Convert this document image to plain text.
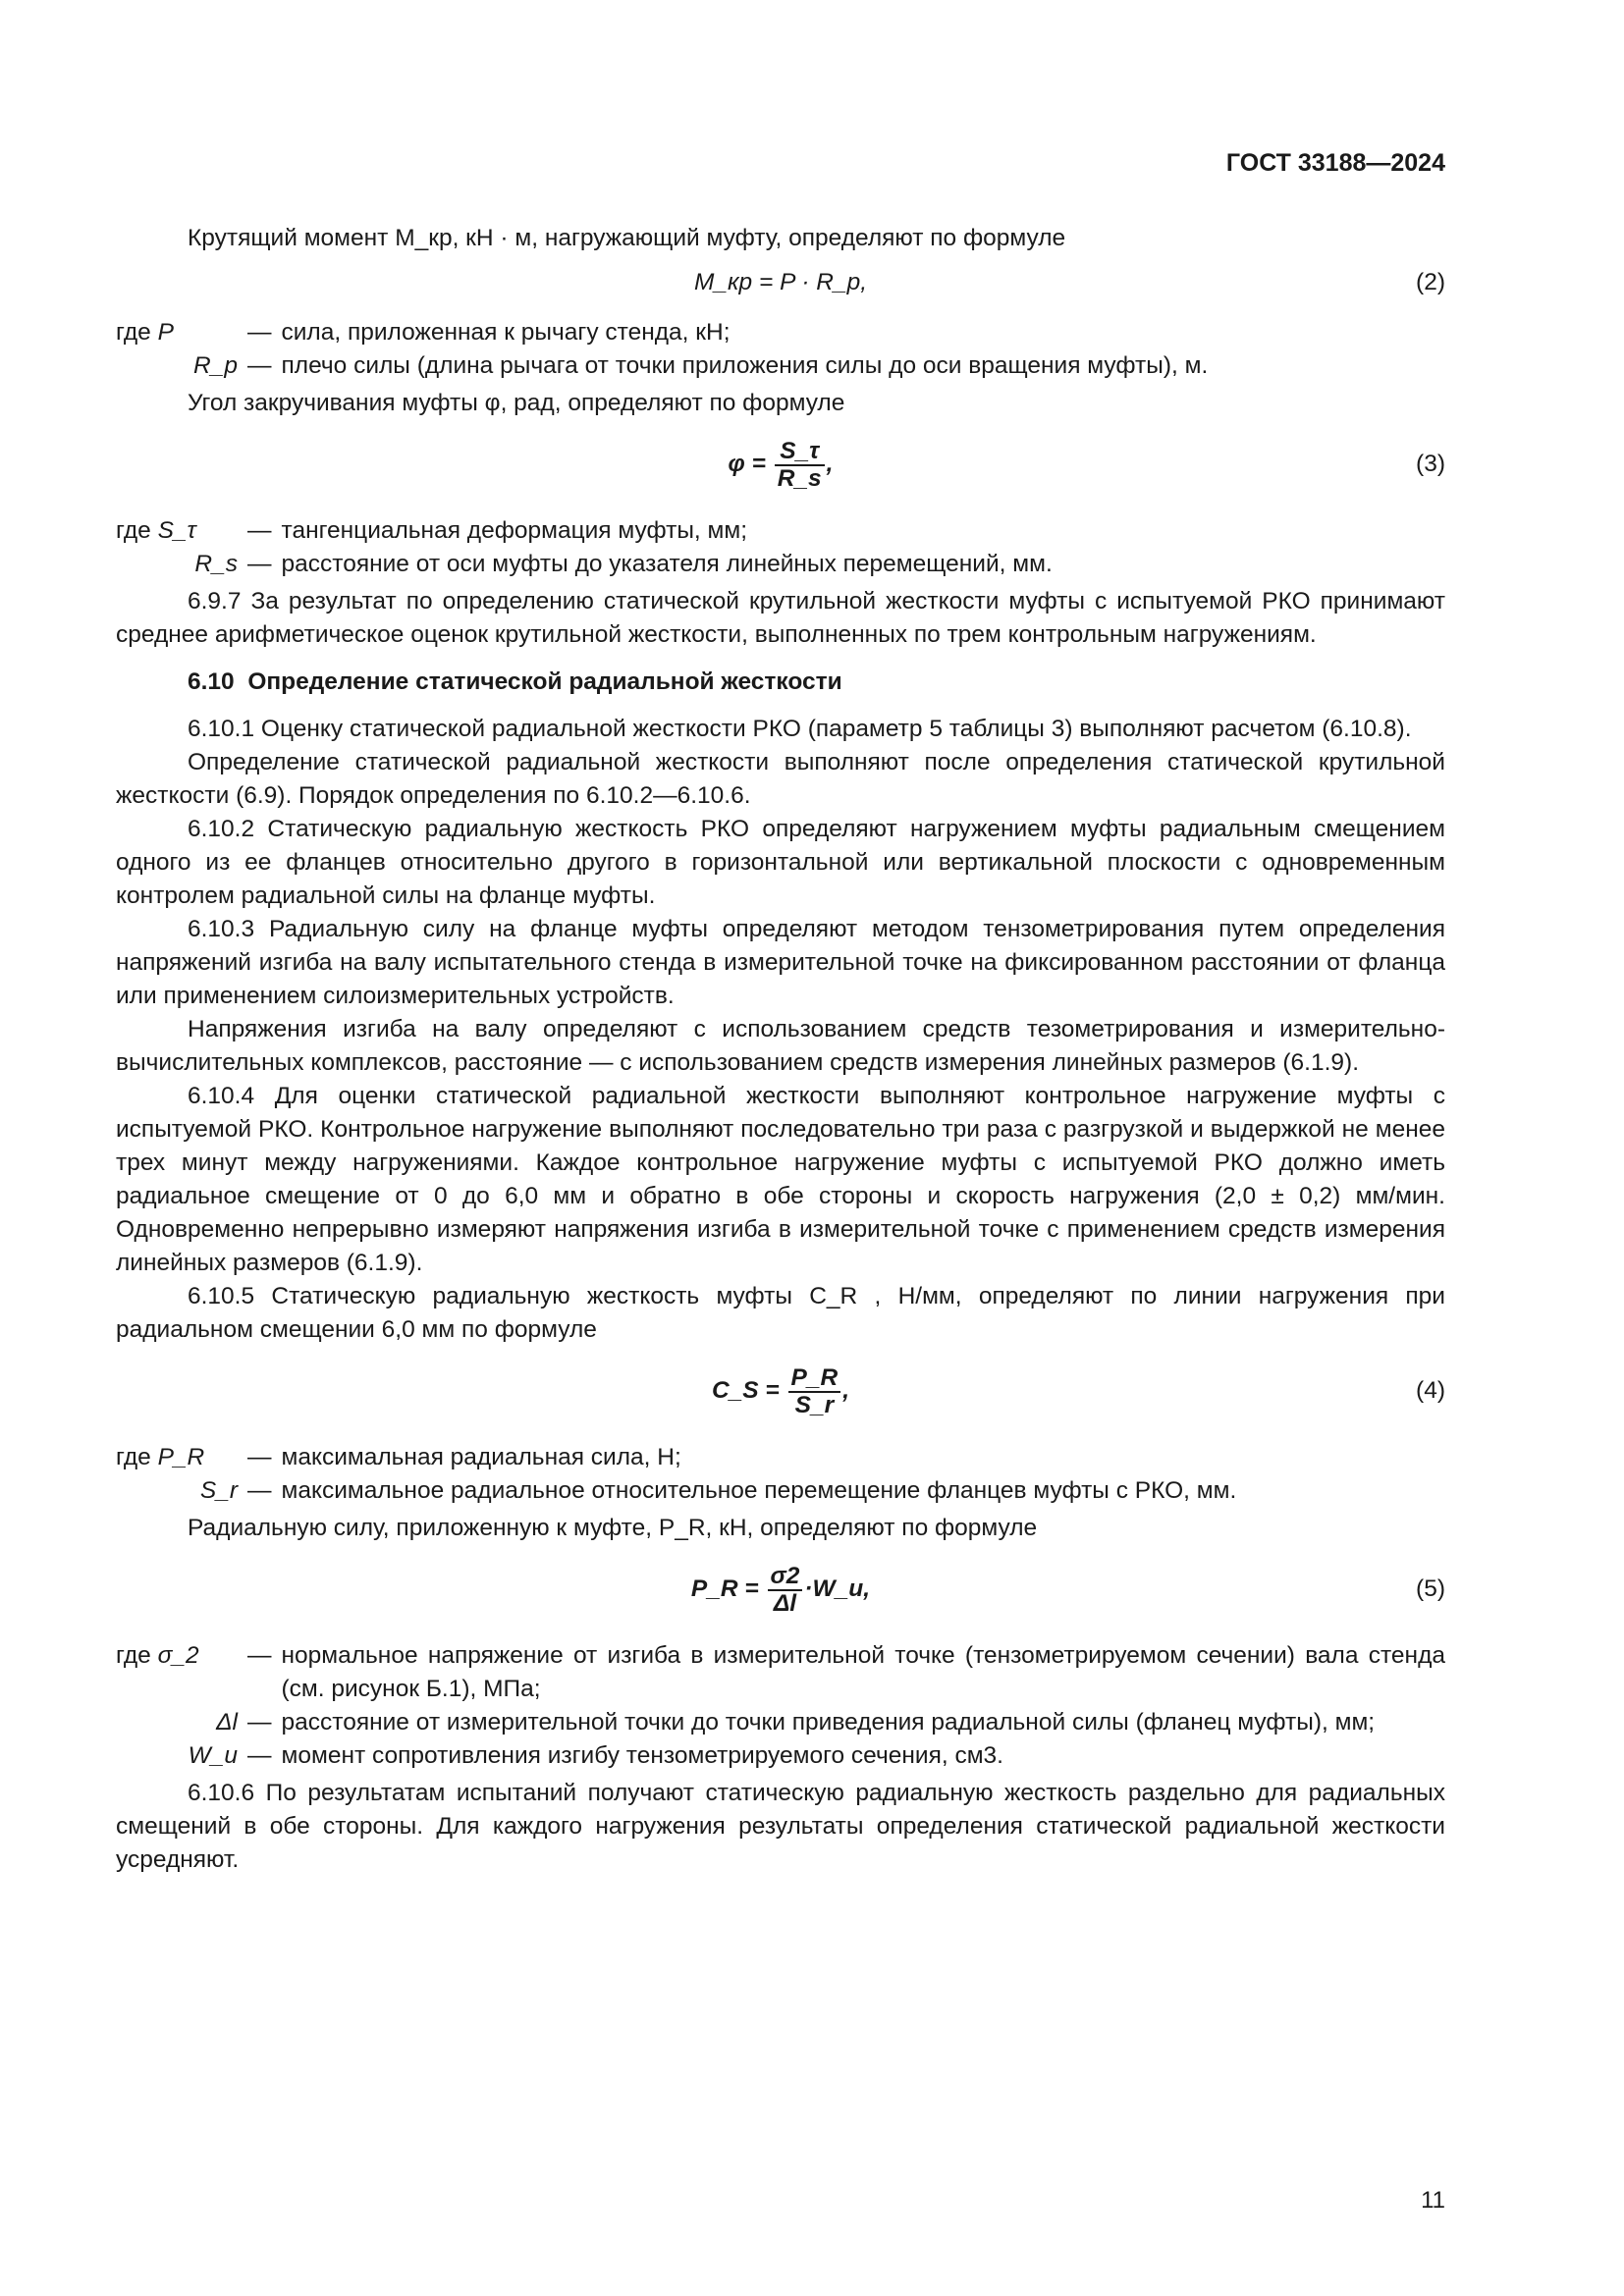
ГОСТ 33188—2024

Крутящий момент M_кр, кН · м, нагружающий муфту, определяют по формуле

M_кр = P · R_р,	(2)
где P	— сила, приложенная к рычагу стенда, кН;
R_р — плечо силы (длина рычага от точки приложения силы до оси вращения муфты), м.

Угол закручивания муфты φ, рад, определяют по формуле

$\varphi = \frac{S\_\tau}{R\_s}$ ,	(3)
где S_τ	— тангенциальная деформация муфты, мм;
R_s — расстояние от оси муфты до указателя линейных перемещений, мм.

6.9.7 За результат по определению статической крутильной жесткости муфты с испытуемой РКО принимают среднее арифметическое оценок крутильной жесткости, выполненных по трем контрольным нагружениям.

6.10 Определение статической радиальной жесткости

6.10.1 Оценку статической радиальной жесткости РКО (параметр 5 таблицы 3) выполняют расчетом (6.10.8).

Определение статической радиальной жесткости выполняют после определения статической крутильной жесткости (6.9). Порядок определения по 6.10.2—6.10.6.

6.10.2 Статическую радиальную жесткость РКО определяют нагружением муфты радиальным смещением одного из ее фланцев относительно другого в горизонтальной или вертикальной плоскости с одновременным контролем радиальной силы на фланце муфты.

6.10.3 Радиальную силу на фланце муфты определяют методом тензометрирования путем определения напряжений изгиба на валу испытательного стенда в измерительной точке на фиксированном расстоянии от фланца или применением силоизмерительных устройств.

Напряжения изгиба на валу определяют с использованием средств тезометрирования и измерительно-вычислительных комплексов, расстояние — с использованием средств измерения линейных размеров (6.1.9).

6.10.4 Для оценки статической радиальной жесткости выполняют контрольное нагружение муфты с испытуемой РКО. Контрольное нагружение выполняют последовательно три раза с разгрузкой и выдержкой не менее трех минут между нагружениями. Каждое контрольное нагружение муфты с испытуемой РКО должно иметь радиальное смещение от 0 до 6,0 мм и обратно в обе стороны и скорость нагружения (2,0 ± 0,2) мм/мин. Одновременно непрерывно измеряют напряжения изгиба в измерительной точке с применением средств измерения линейных размеров (6.1.9).

6.10.5 Статическую радиальную жесткость муфты C_R , Н/мм, определяют по линии нагружения при радиальном смещении 6,0 мм по формуле

C_S = $\frac{P\_R}{S\_r}$ ,	(4)
где P_R	— максимальная радиальная сила, Н;
S_r — максимальное радиальное относительное перемещение фланцев муфты с РКО, мм.

Радиальную силу, приложенную к муфте, P_R, кН, определяют по формуле

P_R = $\frac{\sigma 2}{\Delta l}$ ·W_u,	(5)
где σ_2	— нормальное напряжение от изгиба в измерительной точке (тензометрируемом сечении) вала стенда (см. рисунок Б.1), МПа;
Δl — расстояние от измерительной точки до точки приведения радиальной силы (фланец муфты), мм;
W_u — момент сопротивления изгибу тензометрируемого сечения, см3.

6.10.6 По результатам испытаний получают статическую радиальную жесткость раздельно для радиальных смещений в обе стороны. Для каждого нагружения результаты определения статической радиальной жесткости усредняют.

11
